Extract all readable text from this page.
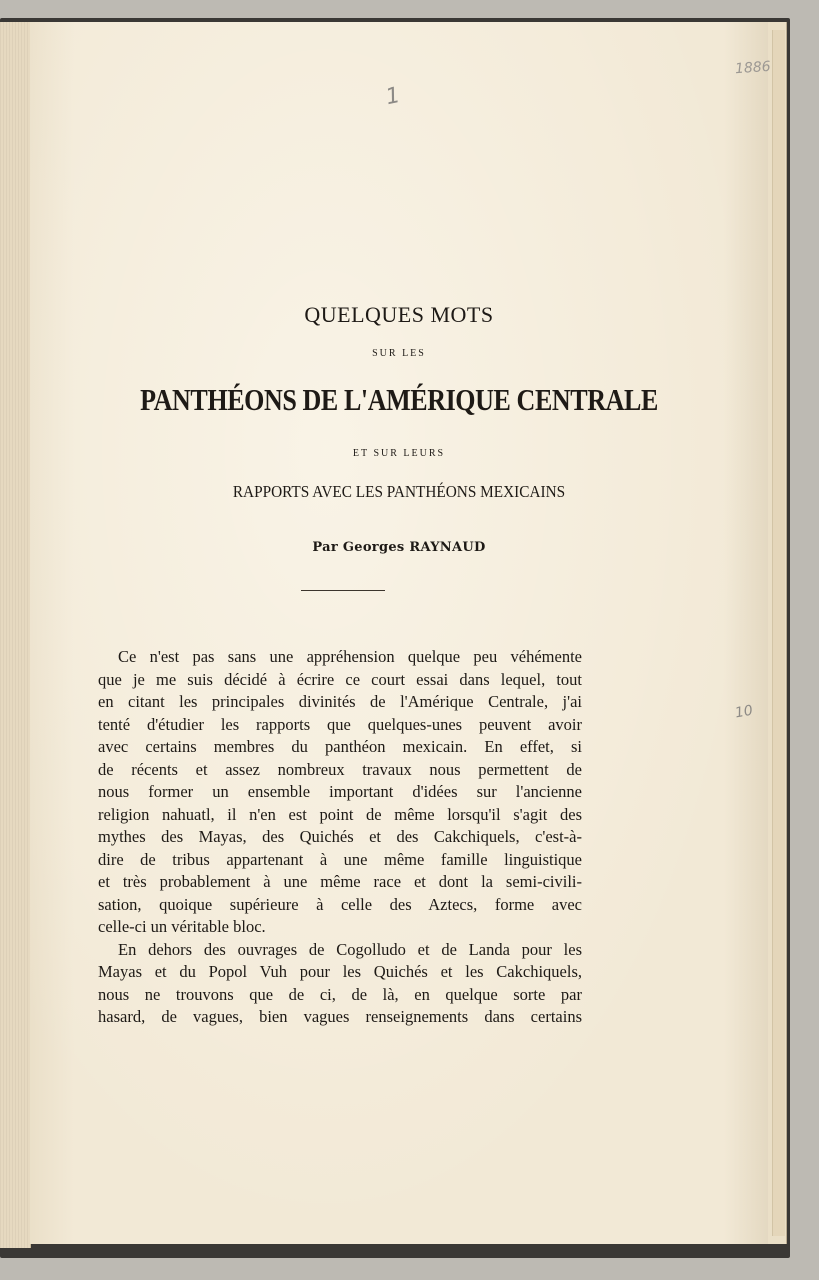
1
1886
10
QUELQUES MOTS
SUR LES
PANTHÉONS DE L'AMÉRIQUE CENTRALE
ET SUR LEURS
RAPPORTS AVEC LES PANTHÉONS MEXICAINS
Par Georges RAYNAUD
Ce n'est pas sans une appréhension quelque peu véhémente
que je me suis décidé à écrire ce court essai dans lequel, tout
en citant les principales divinités de l'Amérique Centrale, j'ai
tenté d'étudier les rapports que quelques-unes peuvent avoir
avec certains membres du panthéon mexicain. En effet, si
de récents et assez nombreux travaux nous permettent de
nous former un ensemble important d'idées sur l'ancienne
religion nahuatl, il n'en est point de même lorsqu'il s'agit des
mythes des Mayas, des Quichés et des Cakchiquels, c'est-à-
dire de tribus appartenant à une même famille linguistique
et très probablement à une même race et dont la semi-civili-
sation, quoique supérieure à celle des Aztecs, forme avec
celle-ci un véritable bloc.
En dehors des ouvrages de Cogolludo et de Landa pour les
Mayas et du Popol Vuh pour les Quichés et les Cakchiquels,
nous ne trouvons que de ci, de là, en quelque sorte par
hasard, de vagues, bien vagues renseignements dans certains
